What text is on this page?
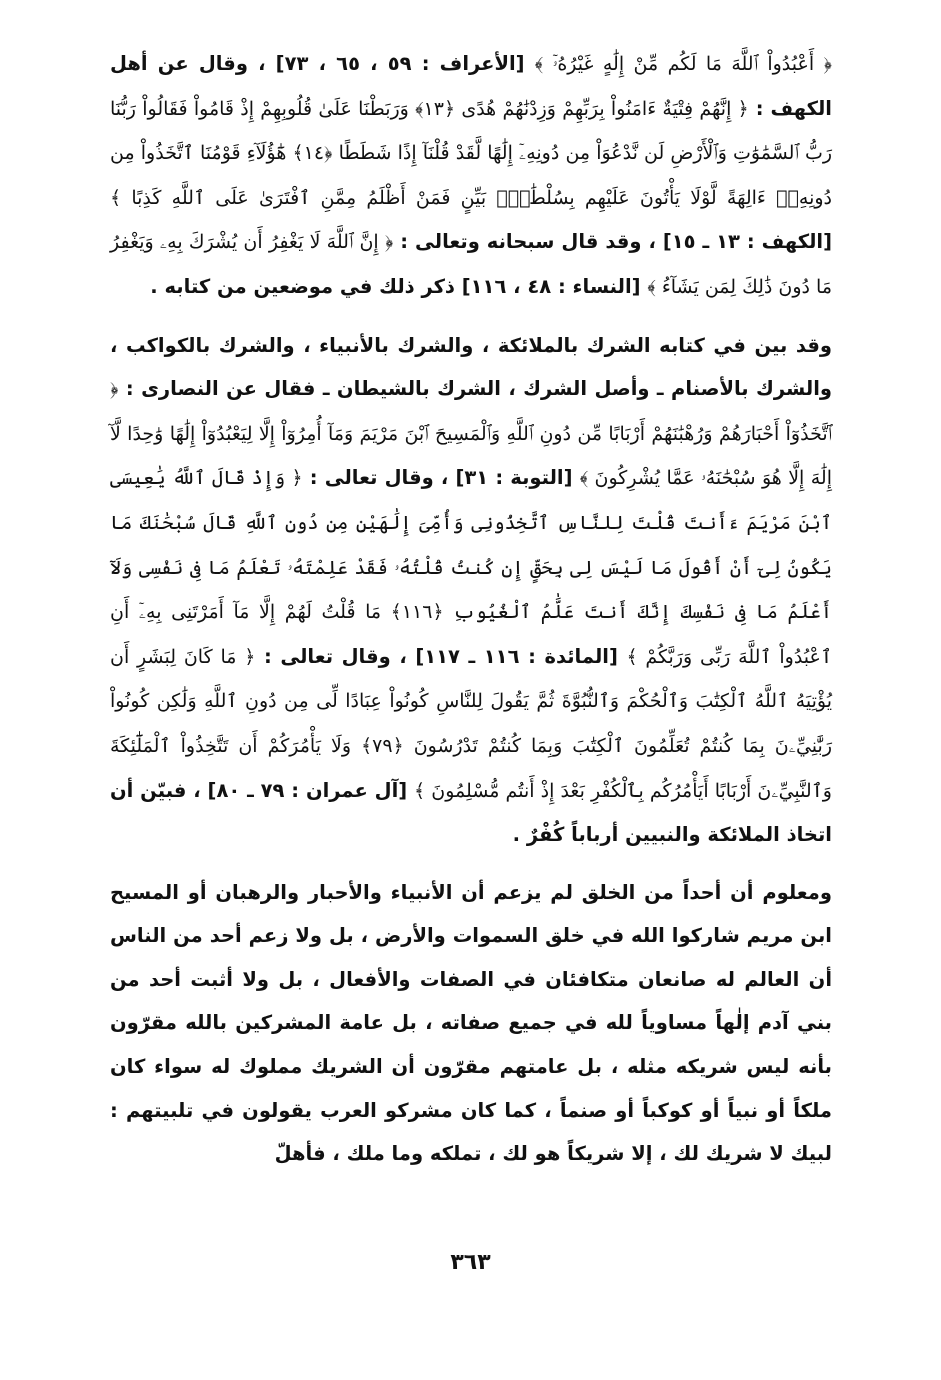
﴿ أَعْبُدُواْ ٱللَّهَ مَا لَكُم مِّنْ إِلَٰهٍ غَيْرُهُۥٓ ﴾ [الأعراف : ٥٩ ، ٦٥ ، ٧٣] ، وقال عن أهل الكهف : ﴿ إِنَّهُمْ فِتْيَةٌ ءَامَنُواْ بِرَبِّهِمْ وَزِدْنَٰهُمْ هُدًى ﴿١٣﴾ وَرَبَطْنَا عَلَىٰ قُلُوبِهِمْ إِذْ قَامُواْ فَقَالُواْ رَبُّنَا رَبُّ ٱلسَّمَٰوَٰتِ وَٱلْأَرْضِ لَن نَّدْعُوَاْ مِن دُونِهِۦٓ إِلَٰهًا لَّقَدْ قُلْنَآ إِذًا شَطَطًا ﴿١٤﴾ هَٰٓؤُلَآءِ قَوْمُنَا ٱتَّخَذُواْ مِن دُونِهِۦٓ ءَالِهَةً لَّوْلَا يَأْتُونَ عَلَيْهِم بِسُلْطَٰنٍۭ بَيِّنٍ فَمَنْ أَظْلَمُ مِمَّنِ ٱفْتَرَىٰ عَلَى ٱللَّهِ كَذِبًا ﴾ [الكهف : ١٣ ـ ١٥] ، وقد قال سبحانه وتعالى : ﴿ إِنَّ ٱللَّهَ لَا يَغْفِرُ أَن يُشْرَكَ بِهِۦ وَيَغْفِرُ مَا دُونَ ذَٰلِكَ لِمَن يَشَآءُ ﴾ [النساء : ٤٨ ، ١١٦] ذكر ذلك في موضعين من كتابه .

وقد بين في كتابه الشرك بالملائكة ، والشرك بالأنبياء ، والشرك بالكواكب ، والشرك بالأصنام ـ وأصل الشرك ، الشرك بالشيطان ـ فقال عن النصارى : ﴿ ٱتَّخَذُوٓاْ أَحْبَارَهُمْ وَرُهْبَٰنَهُمْ أَرْبَابًا مِّن دُونِ ٱللَّهِ وَٱلْمَسِيحَ ٱبْنَ مَرْيَمَ وَمَآ أُمِرُوٓاْ إِلَّا لِيَعْبُدُوٓاْ إِلَٰهًا وَٰحِدًا لَّآ إِلَٰهَ إِلَّا هُوَ سُبْحَٰنَهُۥ عَمَّا يُشْرِكُونَ ﴾ [التوبة : ٣١] ، وقال تعالى : ﴿ وَإِذْ قَالَ ٱللَّهُ يَٰعِيسَى ٱبْنَ مَرْيَمَ ءَأَنتَ قُلْتَ لِلنَّاسِ ٱتَّخِذُونِى وَأُمِّىَ إِلَٰهَيْنِ مِن دُونِ ٱللَّهِ قَالَ سُبْحَٰنَكَ مَا يَكُونُ لِىٓ أَنْ أَقُولَ مَا لَيْسَ لِى بِحَقٍّ إِن كُنتُ قُلْتُهُۥ فَقَدْ عَلِمْتَهُۥ تَعْلَمُ مَا فِى نَفْسِى وَلَآ أَعْلَمُ مَا فِى نَفْسِكَ إِنَّكَ أَنتَ عَلَّٰمُ ٱلْغُيُوبِ ﴿١١٦﴾ مَا قُلْتُ لَهُمْ إِلَّا مَآ أَمَرْتَنِى بِهِۦٓ أَنِ ٱعْبُدُواْ ٱللَّهَ رَبِّى وَرَبَّكُمْ ﴾ [المائدة : ١١٦ ـ ١١٧] ، وقال تعالى : ﴿ مَا كَانَ لِبَشَرٍ أَن يُؤْتِيَهُ ٱللَّهُ ٱلْكِتَٰبَ وَٱلْحُكْمَ وَٱلنُّبُوَّةَ ثُمَّ يَقُولَ لِلنَّاسِ كُونُواْ عِبَادًا لِّى مِن دُونِ ٱللَّهِ وَلَٰكِن كُونُواْ رَبَّٰنِيِّۦنَ بِمَا كُنتُمْ تُعَلِّمُونَ ٱلْكِتَٰبَ وَبِمَا كُنتُمْ تَدْرُسُونَ ﴿٧٩﴾ وَلَا يَأْمُرَكُمْ أَن تَتَّخِذُواْ ٱلْمَلَٰٓئِكَةَ وَٱلنَّبِيِّۦنَ أَرْبَابًا أَيَأْمُرُكُم بِٱلْكُفْرِ بَعْدَ إِذْ أَنتُم مُّسْلِمُونَ ﴾ [آل عمران : ٧٩ ـ ٨٠] ، فبيّن أن اتخاذ الملائكة والنبيين أرباباً كُفْرٌ .

ومعلوم أن أحداً من الخلق لم يزعم أن الأنبياء والأحبار والرهبان أو المسيح ابن مريم شاركوا الله في خلق السموات والأرض ، بل ولا زعم أحد من الناس أن العالم له صانعان متكافئان في الصفات والأفعال ، بل ولا أثبت أحد من بني آدم إلٰهاً مساوياً لله في جميع صفاته ، بل عامة المشركين بالله مقرّون بأنه ليس شريكه مثله ، بل عامتهم مقرّون أن الشريك مملوك له سواء كان ملكاً أو نبياً أو كوكباً أو صنماً ، كما كان مشركو العرب يقولون في تلبيتهم : لبيك لا شريك لك ، إلا شريكاً هو لك ، تملكه وما ملك ، فأهلّ

٣٦٣
